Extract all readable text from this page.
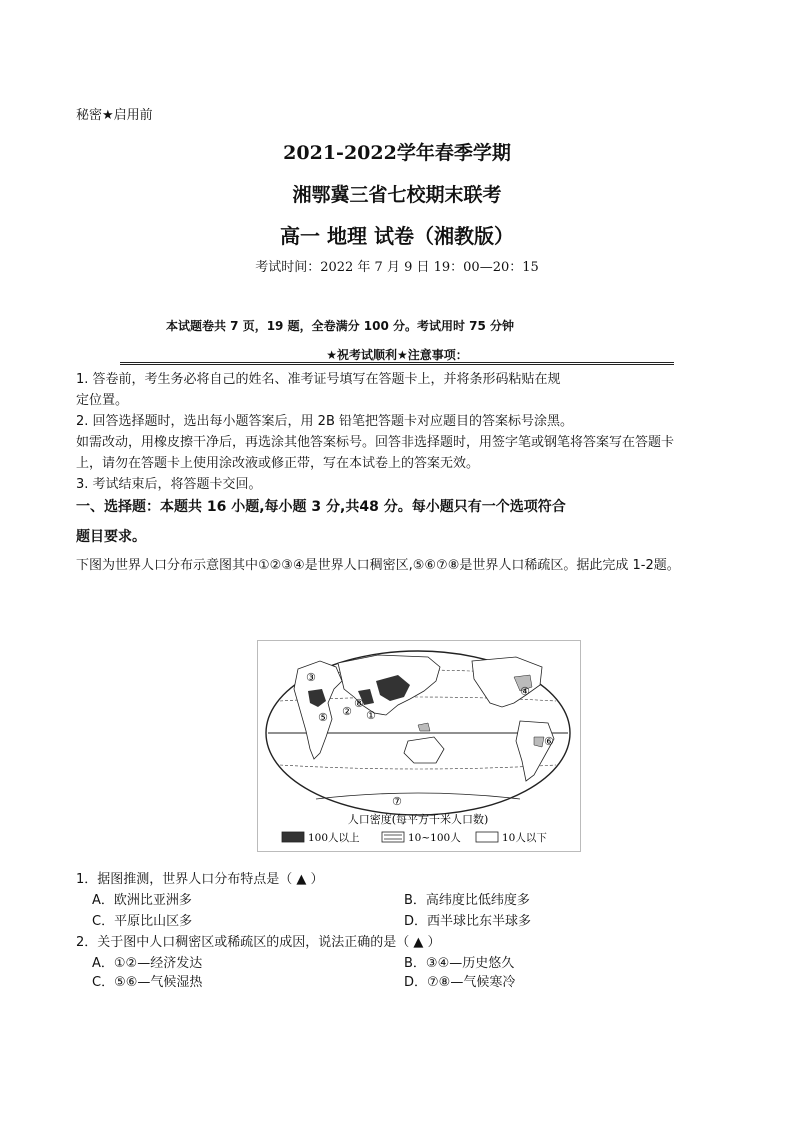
秘密★启用前
2021-2022学年春季学期
湘鄂冀三省七校期末联考
高一 地理 试卷（湘教版）
考试时间：2022 年 7 月 9 日 19：00—20：15
本试题卷共 7 页，19 题，全卷满分 100 分。考试用时 75 分钟
★祝考试顺利★注意事项：
1. 答卷前，考生务必将自己的姓名、准考证号填写在答题卡上，并将条形码粘贴在规
定位置。
2. 回答选择题时，选出每小题答案后，用 2B 铅笔把答题卡对应题目的答案标号涂黑。
如需改动，用橡皮擦干净后，再选涂其他答案标号。回答非选择题时，用签字笔或钢笔将答案写在答题卡
上，请勿在答题卡上使用涂改液或修正带，写在本试卷上的答案无效。
3. 考试结束后，将答题卡交回。
一、选择题：本题共 16 小题,每小题 3 分,共48 分。每小题只有一个选项符合
题目要求。
下图为世界人口分布示意图其中①②③④是世界人口稠密区,⑤⑥⑦⑧是世界人口稀疏区。据此完成 1-2题。
①
②
③
④
⑤
⑥
⑦
⑧
人口密度(每平方千米人口数)
100人以上	10~100人	10人以下
1．据图推测，世界人口分布特点是（ ▲ ）
A．欧洲比亚洲多	B．高纬度比低纬度多
C．平原比山区多	D．西半球比东半球多
2．关于图中人口稠密区或稀疏区的成因，说法正确的是（ ▲ ）
A．①②—经济发达	B．③④—历史悠久
C．⑤⑥—气候湿热	D．⑦⑧—气候寒冷
